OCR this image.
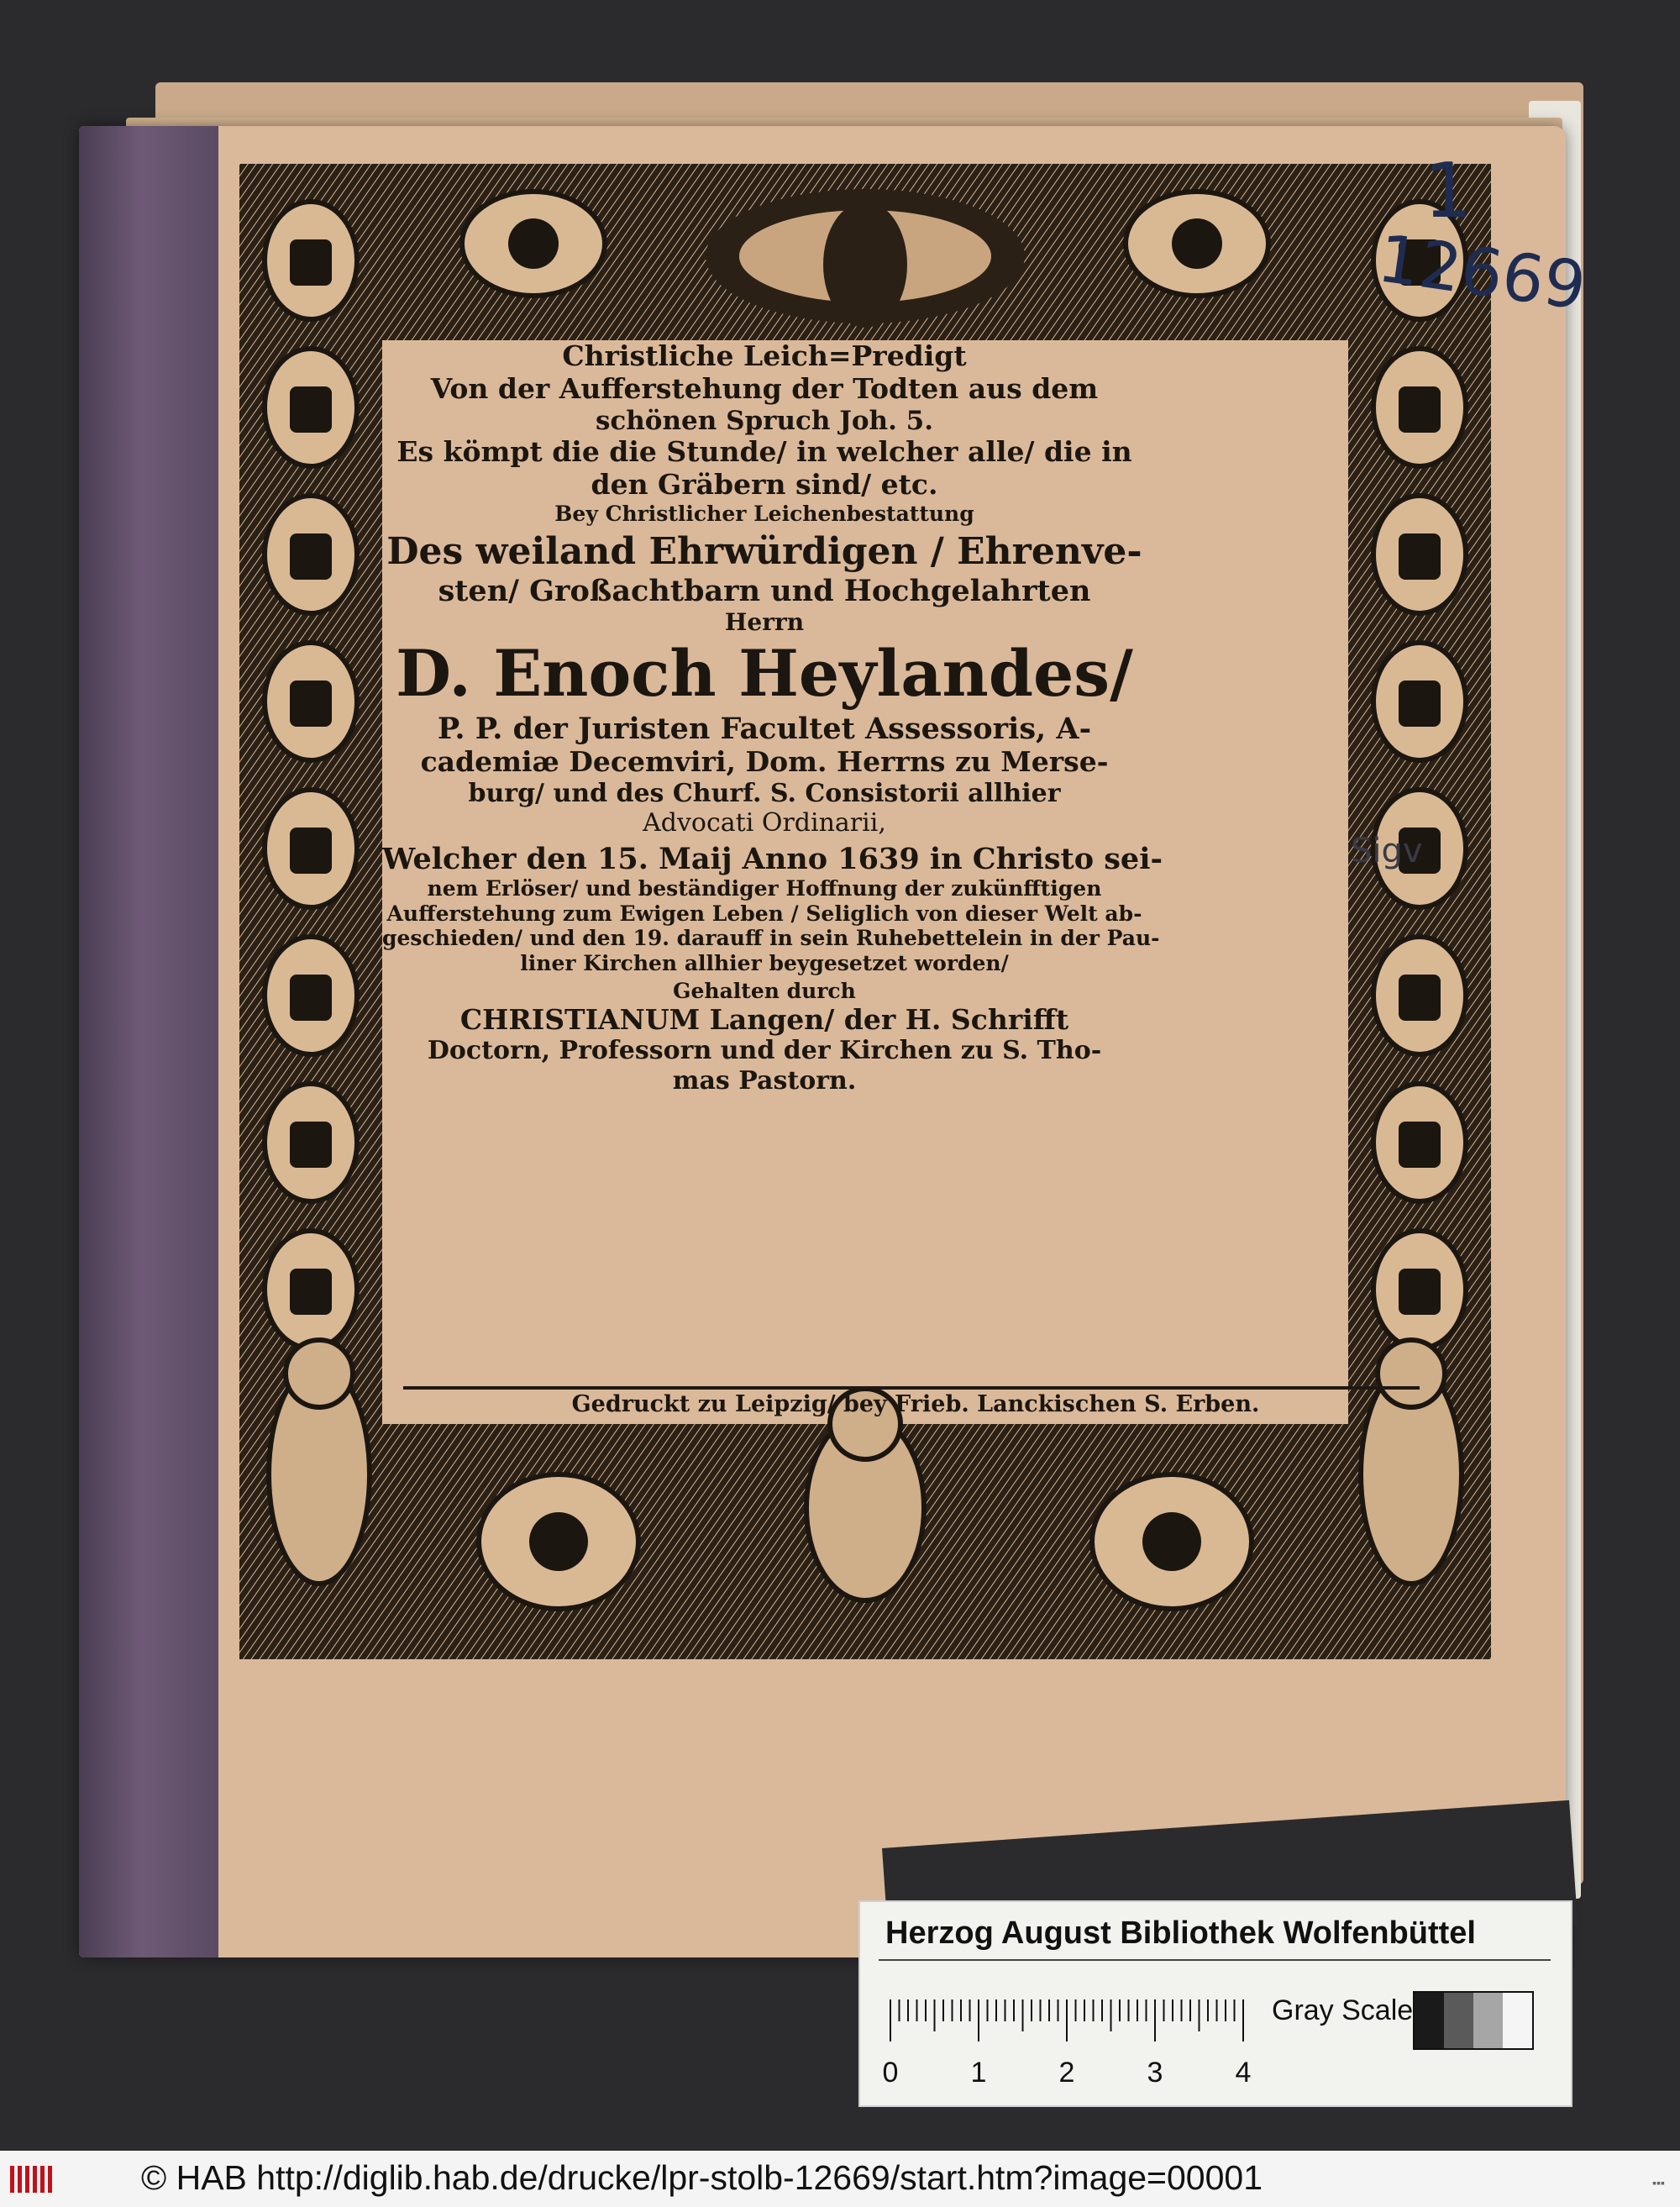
Christliche Leich=Predigt
Von der Aufferstehung der Todten aus dem
schönen Spruch Joh. 5.
Es kömpt die die Stunde/ in welcher alle/ die in
den Gräbern sind/ etc.
Bey Christlicher Leichenbestattung
Des weiland Ehrwürdigen / Ehrenve-
sten/ Großachtbarn und Hochgelahrten
Herrn
D. Enoch Heylandes/
P. P. der Juristen Facultet Assessoris, A-
cademiæ Decemviri, Dom. Herrns zu Merse-
burg/ und des Churf. S. Consistorii allhier
Advocati Ordinarii,
Welcher den 15. Maij Anno 1639 in Christo sei-
nem Erlöser/ und beständiger Hoffnung der zukünfftigen
Aufferstehung zum Ewigen Leben / Seliglich von dieser Welt ab-
geschieden/ und den 19. darauff in sein Ruhebettelein in der Pau-
liner Kirchen allhier beygesetzet worden/
Gehalten durch
CHRISTIANUM Langen/ der H. Schrifft
Doctorn, Professorn und der Kirchen zu S. Tho-
mas Pastorn.
Gedruckt zu Leipzig/ bey Frieb. Lanckischen S. Erben.
1
12669
Sigv
Herzog August Bibliothek Wolfenbüttel
0	1	2	3	4
Gray Scale
© HAB http://diglib.hab.de/drucke/lpr-stolb-12669/start.htm?image=00001	▪▪▪
